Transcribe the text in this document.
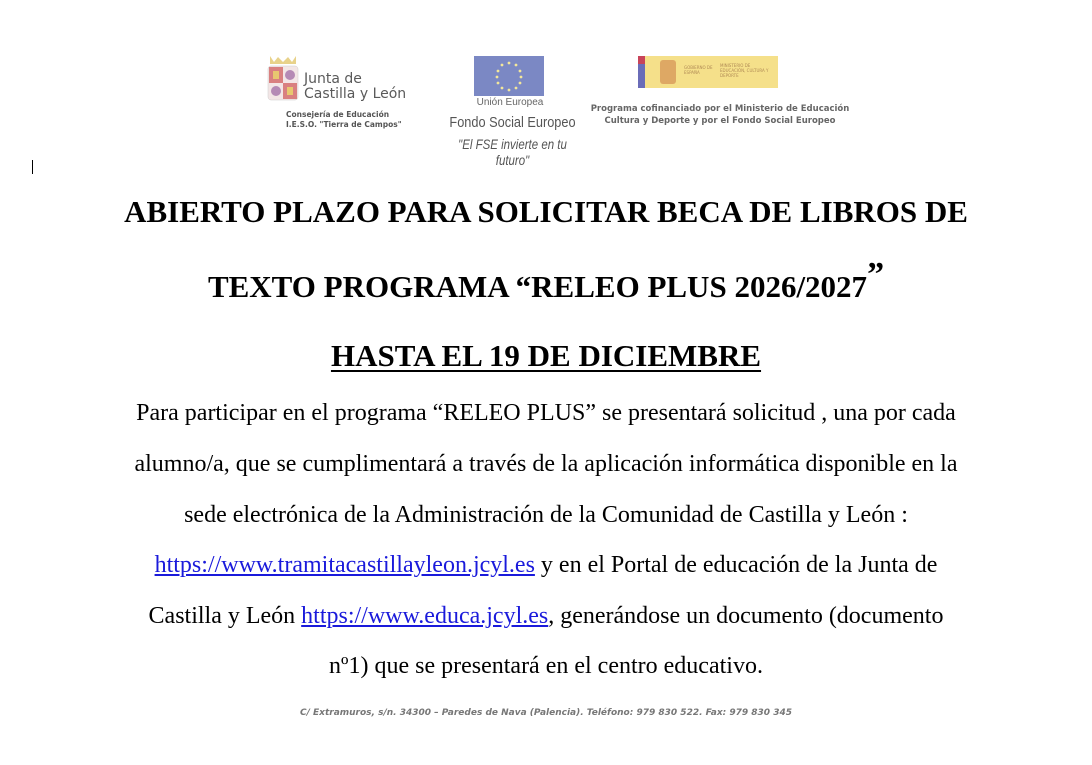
Junta de
Castilla y León
Consejería de Educación
I.E.S.O. "Tierra de Campos"
Unión Europea
Fondo Social Europeo
"El FSE invierte en tu futuro"
GOBIERNO DE ESPAÑA
MINISTERIO DE EDUCACIÓN, CULTURA Y DEPORTE
Programa cofinanciado por el Ministerio de Educación
Cultura y Deporte y por el Fondo Social Europeo
ABIERTO PLAZO PARA SOLICITAR BECA DE LIBROS DE
TEXTO PROGRAMA “RELEO PLUS 2026/2027”
HASTA EL 19 DE DICIEMBRE
Para participar en el programa “RELEO PLUS” se presentará solicitud , una por cada
alumno/a, que se cumplimentará a través de la aplicación informática disponible en la
sede electrónica de la Administración de la Comunidad de Castilla y León :
https://www.tramitacastillayleon.jcyl.es y en el Portal de educación de la Junta de
Castilla y León https://www.educa.jcyl.es, generándose un documento (documento
nº1) que se presentará en el centro educativo.
C/ Extramuros, s/n. 34300 – Paredes de Nava (Palencia). Teléfono: 979 830 522. Fax: 979 830 345
